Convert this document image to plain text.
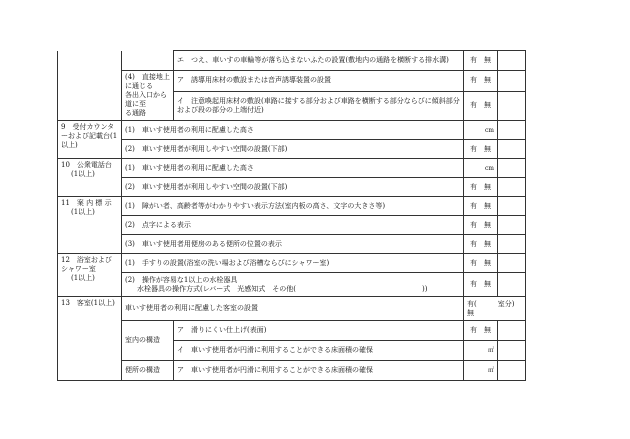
		エ　つえ、車いすの車輪等が落ち込まないふたの設置(敷地内の通路を横断する排水溝)	有　無	

	(4)　直接地上に通じる
各出入口から道に至
る通路	ア　誘導用床材の敷設または音声誘導装置の設置	有　無	
		イ　注意喚起用床材の敷設(車路に接する部分および車路を横断する部分ならびに傾斜部分および段の部分の上端付近)	有　無	
9　受付カウンターおよび記載台(1以上)	(1)　車いす使用者の利用に配慮した高さ		cm	
	(2)　車いす使用者が利用しやすい空間の設置(下部)		有　無	

10　公衆電話台
(1以上)	(1)　車いす使用者の利用に配慮した高さ		cm	
	(2)　車いす使用者が利用しやすい空間の設置(下部)		有　無	

11　案 内 標 示
(1以上)	(1)　障がい者、高齢者等がわかりやすい表示方法(室内板の高さ、文字の大きさ等)		有　無	
	(2)　点字による表示		有　無	
	(3)　車いす使用者用便房のある便所の位置の表示		有　無	

12　浴室およびシャワー室
(1以上)	(1)　手すりの設置(浴室の洗い場および浴槽ならびにシャワー室)		有　無	

	(2)　操作が容易な1以上の水栓器具
水栓器具の操作方式(レバー式　光感知式　その他(　　　　　　　　　　　　　　　　　　))		有　無	
13　客室(1以上)	車いす使用者の利用に配慮した客室の設置		有(　　　室分)
無	

	室内の構造	ア　滑りにくい仕上げ(表面)	有　無	
		イ　車いす使用者が円滑に利用することができる床面積の確保	㎡	
	便所の構造	ア　車いす使用者が円滑に利用することができる床面積の確保	㎡	
